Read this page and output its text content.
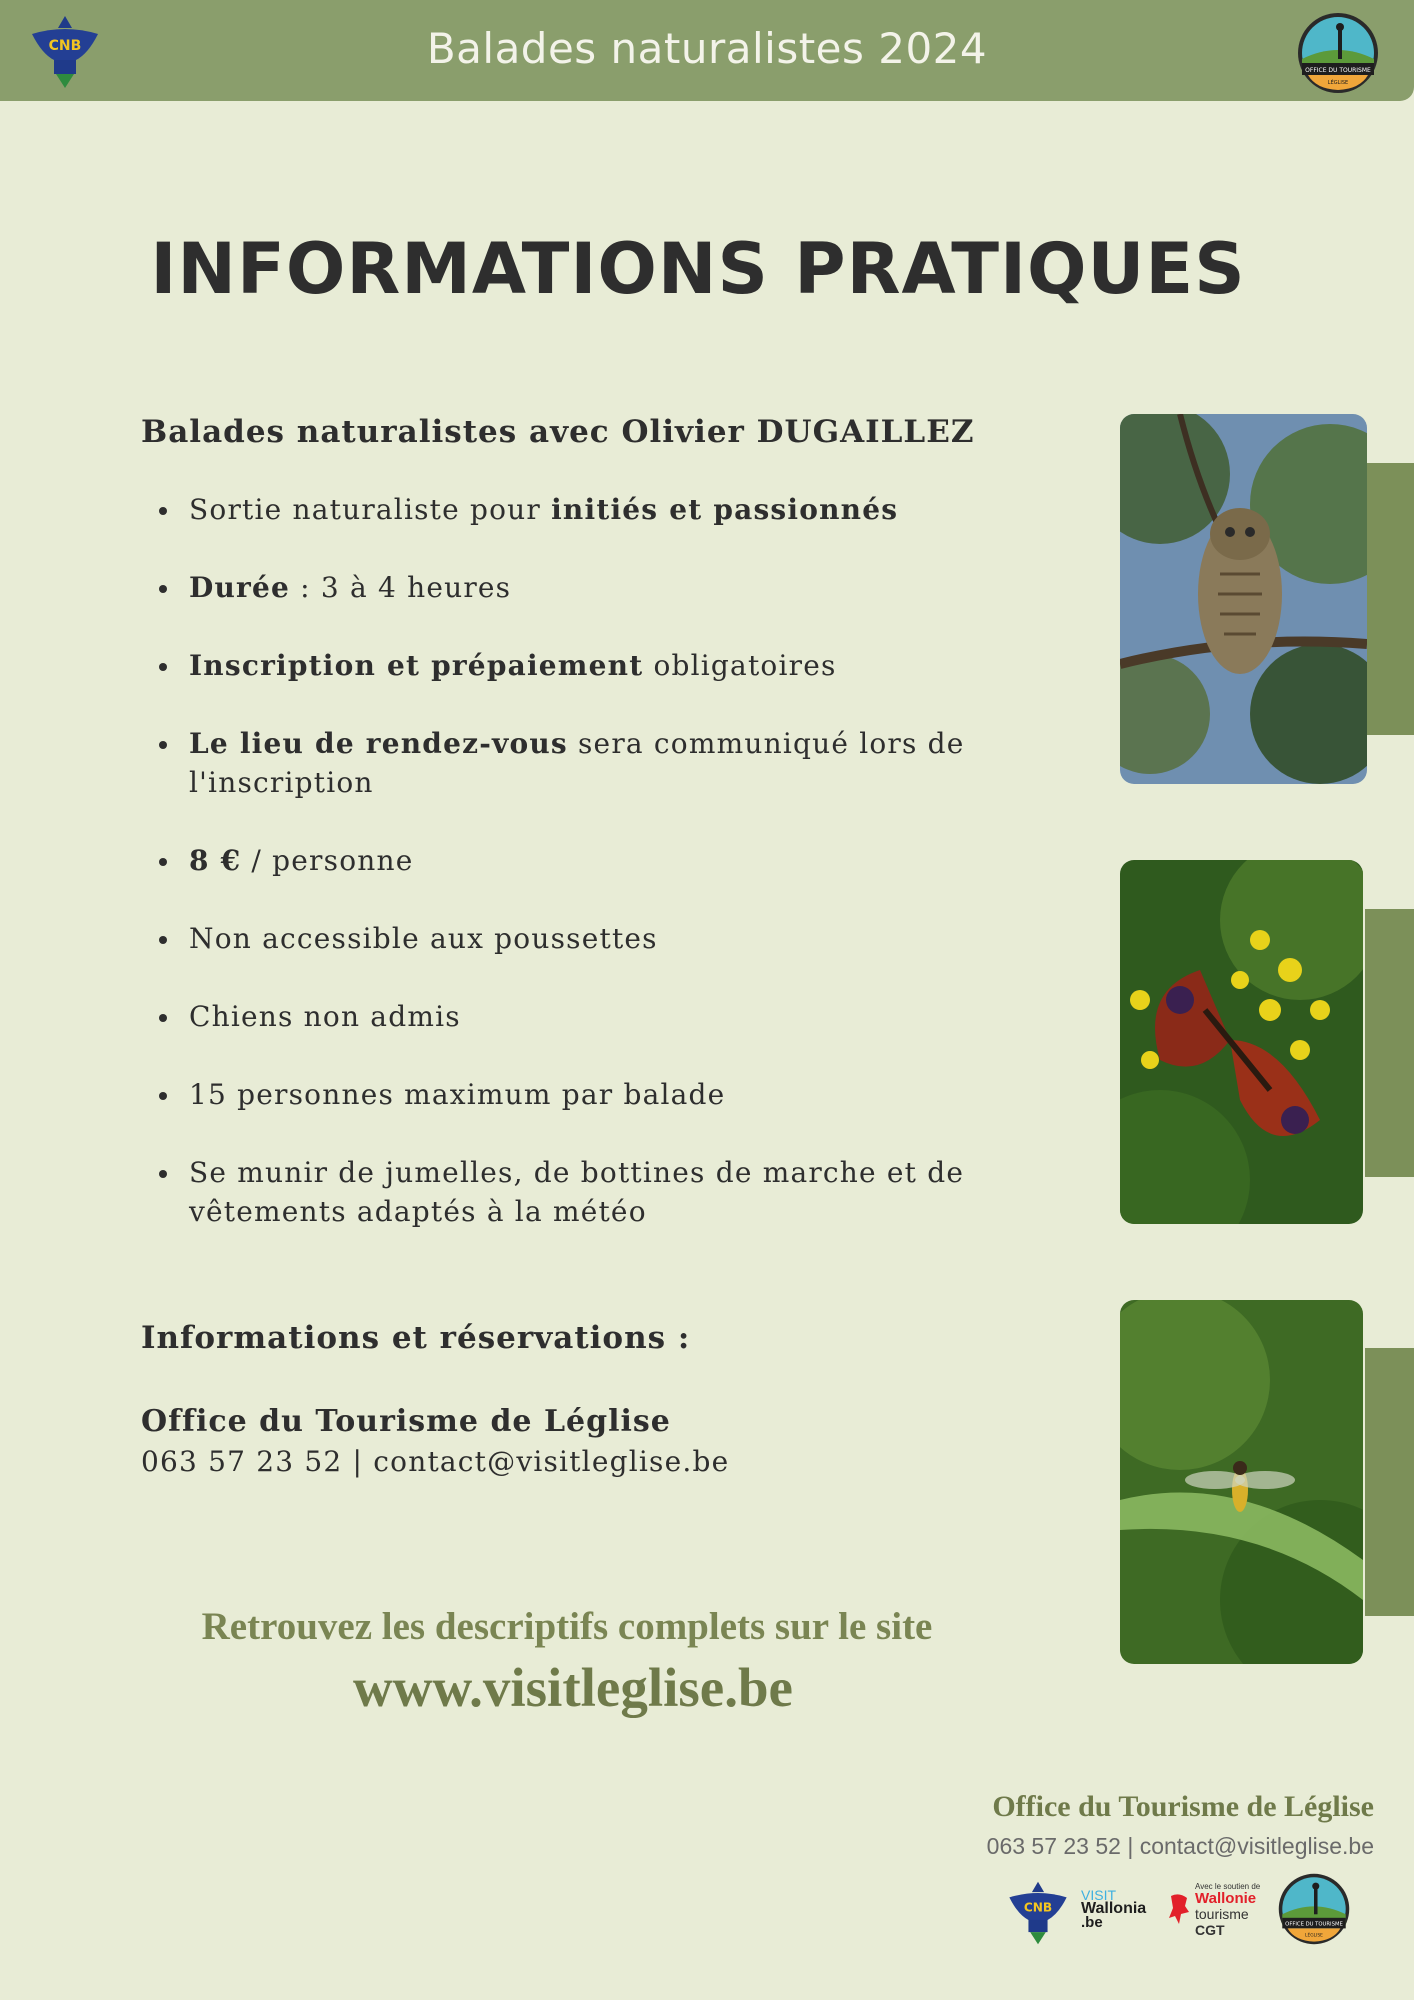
CNB	Balades naturalistes 2024	OFFICE DU TOURISME
LÉGLISE
INFORMATIONS PRATIQUES
Balades naturalistes avec Olivier DUGAILLEZ
Sortie naturaliste pour initiés et passionnés
Durée : 3 à 4 heures
Inscription et prépaiement obligatoires
Le lieu de rendez-vous sera communiqué lors de l'inscription
8 € / personne
Non accessible aux poussettes
Chiens non admis
15 personnes maximum par balade
Se munir de jumelles, de bottines de marche et de vêtements adaptés à la météo
Informations et réservations :
Office du Tourisme de Léglise
063 57 23 52 | contact@visitleglise.be
Retrouvez les descriptifs complets sur le site
www.visitleglise.be
Office du Tourisme de Léglise
063 57 23 52 | contact@visitleglise.be
CNB
VISIT
Wallonia
.be
Avec le soutien de
Wallonie
tourisme
CGT	OFFICE DU TOURISME
LÉGLISE
